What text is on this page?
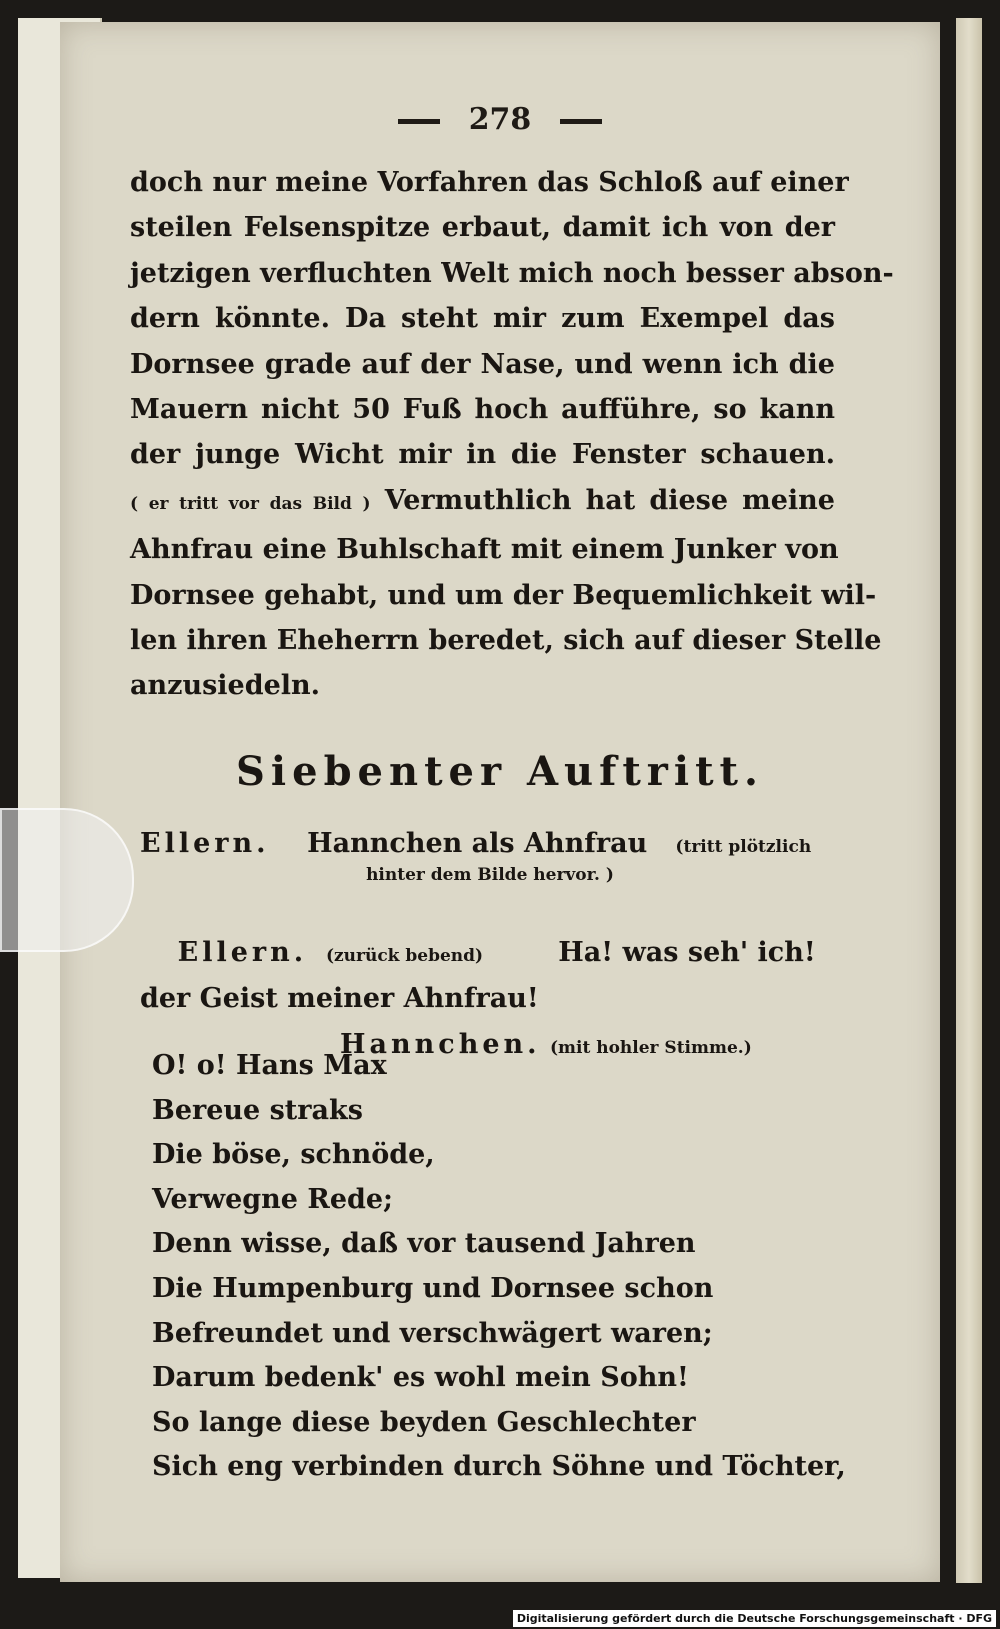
278
doch nur meine Vorfahren das Schloß auf einer
steilen Felsenspitze erbaut, damit ich von der
jetzigen verfluchten Welt mich noch besser abson-
dern könnte. Da steht mir zum Exempel das
Dornsee grade auf der Nase, und wenn ich die
Mauern nicht 50 Fuß hoch aufführe, so kann
der junge Wicht mir in die Fenster schauen.
( er tritt vor das Bild ) Vermuthlich hat diese meine
Ahnfrau eine Buhlschaft mit einem Junker von
Dornsee gehabt, und um der Bequemlichkeit wil-
len ihren Eheherrn beredet, sich auf dieser Stelle
anzusiedeln.
Siebenter Auftritt.
Ellern. Hannchen als Ahnfrau (tritt plötzlich
hinter dem Bilde hervor. )
Ellern. (zurück bebend)	Ha! was seh' ich!
der Geist meiner Ahnfrau!
Hannchen. (mit hohler Stimme.)
O! o! Hans Max
Bereue straks
Die böse, schnöde,
Verwegne Rede;
Denn wisse, daß vor tausend Jahren
Die Humpenburg und Dornsee schon
Befreundet und verschwägert waren;
Darum bedenk' es wohl mein Sohn!
So lange diese beyden Geschlechter
Sich eng verbinden durch Söhne und Töchter,
Digitalisierung gefördert durch die Deutsche Forschungsgemeinschaft · DFG
